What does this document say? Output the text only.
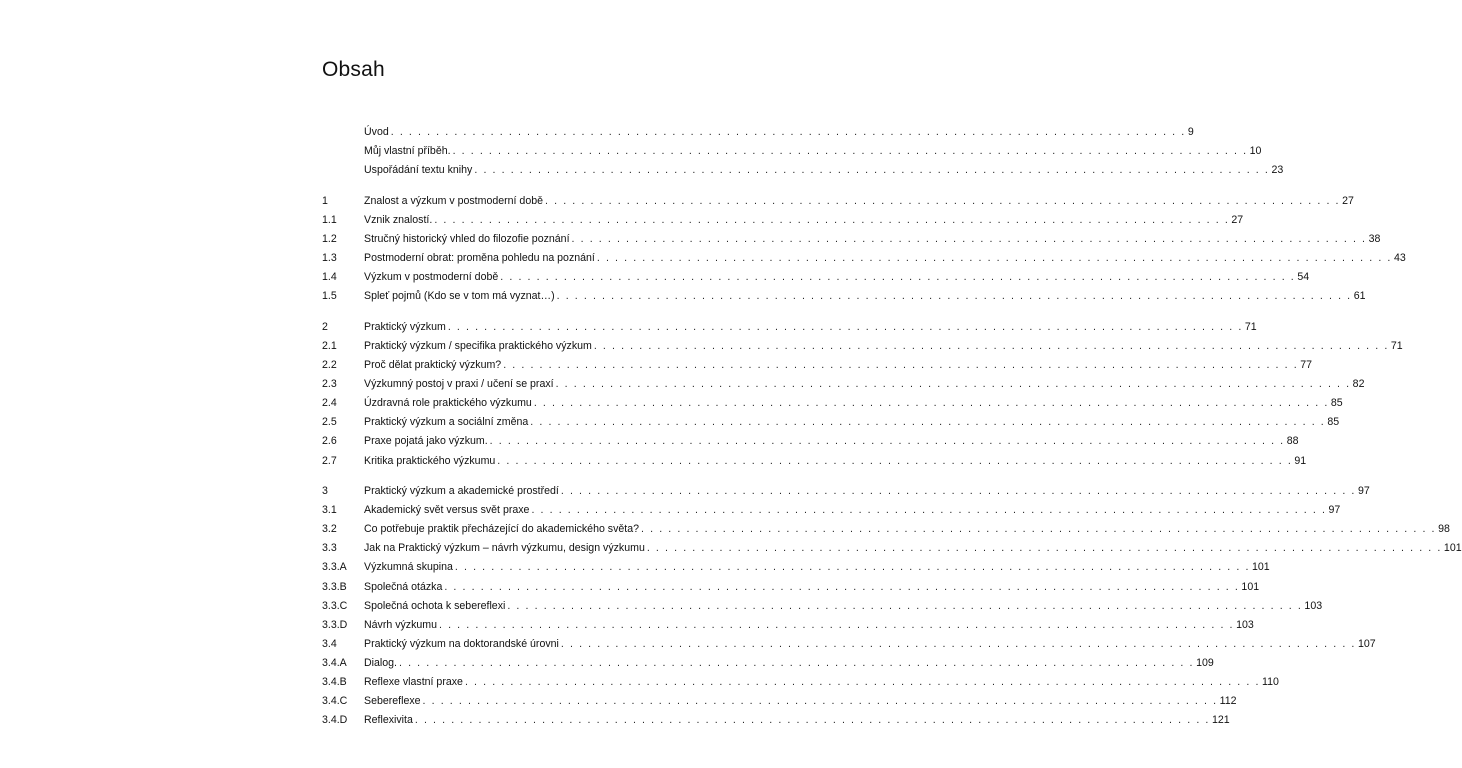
Obsah
Úvod . . .	9
Můj vlastní příběh. . . .	10
Uspořádání textu knihy . . .	23
1	Znalost a výzkum v postmoderní době . . .	27
1.1	Vznik znalostí. . . .	27
1.2	Stručný historický vhled do filozofie poznání . . .	38
1.3	Postmoderní obrat: proměna pohledu na poznání . . .	43
1.4	Výzkum v postmoderní době . . .	54
1.5	Spleť pojmů (Kdo se v tom má vyznat…) . . .	61
2	Praktický výzkum . . .	71
2.1	Praktický výzkum / specifika praktického výzkum . . .	71
2.2	Proč dělat praktický výzkum? . . .	77
2.3	Výzkumný postoj v praxi / učení se praxí . . .	82
2.4	Úzdravná role praktického výzkumu . . .	85
2.5	Praktický výzkum a sociální změna . . .	85
2.6	Praxe pojatá jako výzkum. . . .	88
2.7	Kritika praktického výzkumu . . .	91
3	Praktický výzkum a akademické prostředí . . .	97
3.1	Akademický svět versus svět praxe . . .	97
3.2	Co potřebuje praktik přecházející do akademického světa? . . .	98
3.3	Jak na Praktický výzkum – návrh výzkumu, design výzkumu . . .	101
3.3.A	Výzkumná skupina . . .	101
3.3.B	Společná otázka . . .	101
3.3.C	Společná ochota k sebereflexi . . .	103
3.3.D	Návrh výzkumu . . .	103
3.4	Praktický výzkum na doktorandské úrovni . . .	107
3.4.A	Dialog. . . .	109
3.4.B	Reflexe vlastní praxe . . .	110
3.4.C	Sebereflexe . . .	112
3.4.D	Reflexivita . . .	121
